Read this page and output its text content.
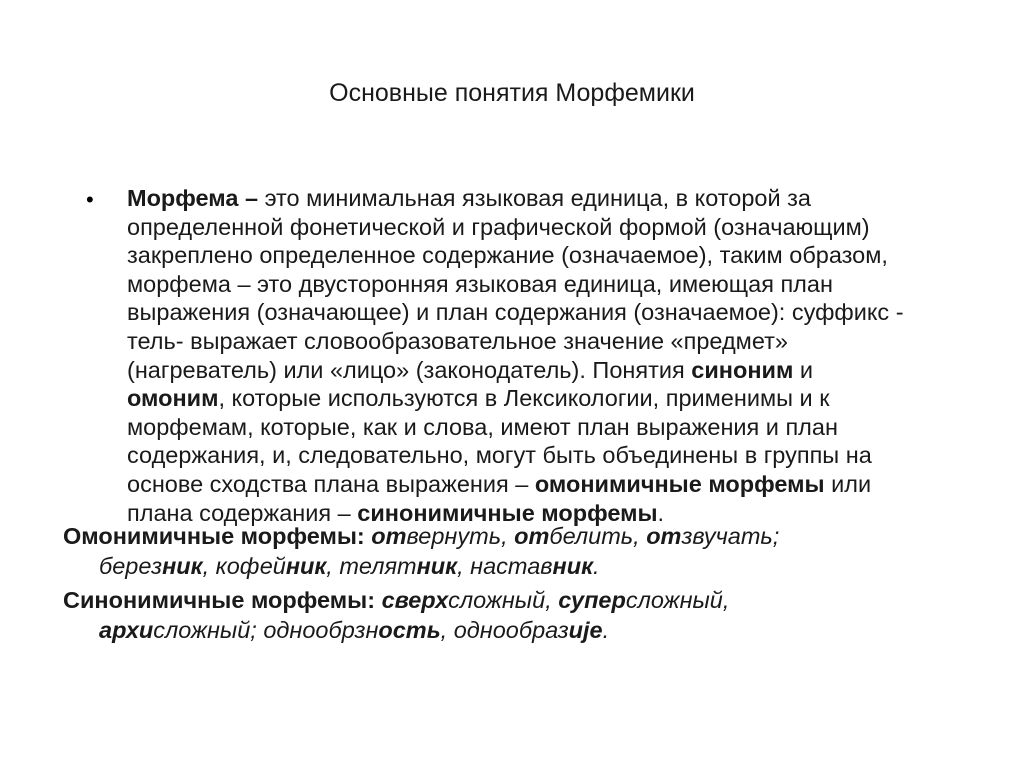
Основные понятия Морфемики
• Морфема – это минимальная языковая единица, в которой за
определенной фонетической и графической формой (означающим)
закреплено определенное содержание (означаемое), таким образом,
морфема – это двусторонняя языковая единица, имеющая план
выражения (означающее) и план содержания (означаемое): суффикс -
тель- выражает словообразовательное значение «предмет»
(нагреватель) или «лицо» (законодатель). Понятия синоним и
омоним, которые используются в Лексикологии, применимы и к
морфемам, которые, как и слова, имеют план выражения и план
содержания, и, следовательно, могут быть объединены в группы на
основе сходства плана выражения – омонимичные морфемы или
плана содержания – синонимичные морфемы.
Омонимичные морфемы: отвернуть, отбелить, отзвучать;
березник, кофейник, телятник, наставник.
Синонимичные морфемы: сверхсложный, суперсложный,
архисложный; однообрзность, однообразије.
